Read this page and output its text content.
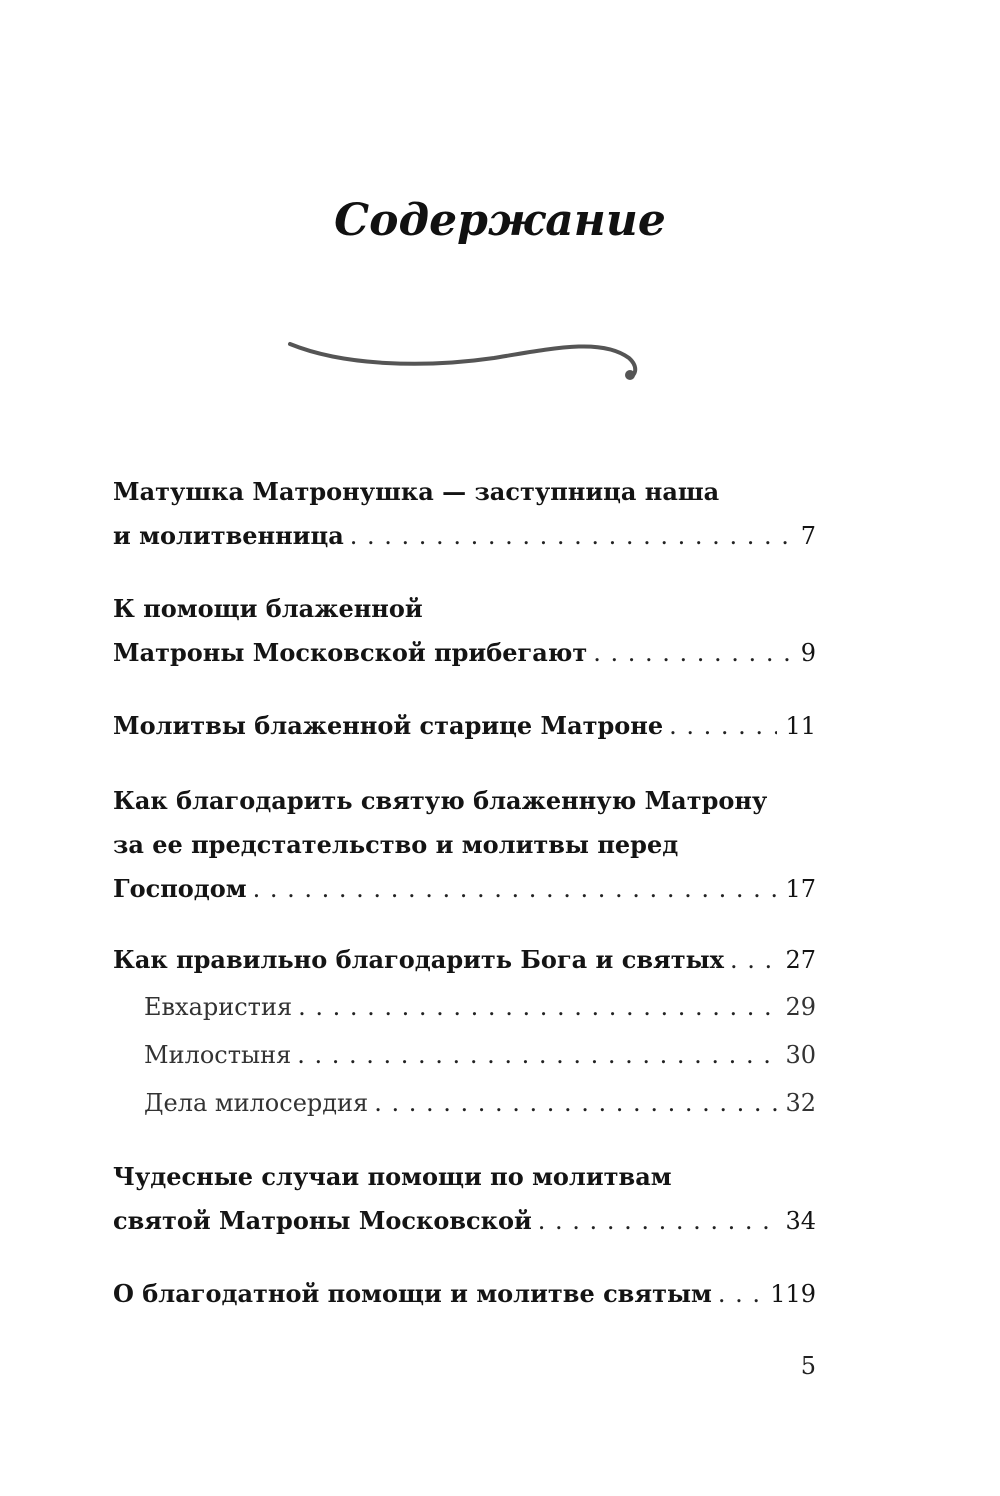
Содержание
Матушка Матронушка — заступница наша
и молитвенница . . .	7
К помощи блаженной
Матроны Московской прибегают . . .	9
Молитвы блаженной старице Матроне . . .	11
Как благодарить святую блаженную Матрону
за ее предстательство и молитвы перед
Господом . . .	17
Как правильно благодарить Бога и святых . . .	27
Евхаристия . . .	29
Милостыня . . .	30
Дела милосердия . . .	32
Чудесные случаи помощи по молитвам
святой Матроны Московской . . .	34
О благодатной помощи и молитве святым . . . 119
5
